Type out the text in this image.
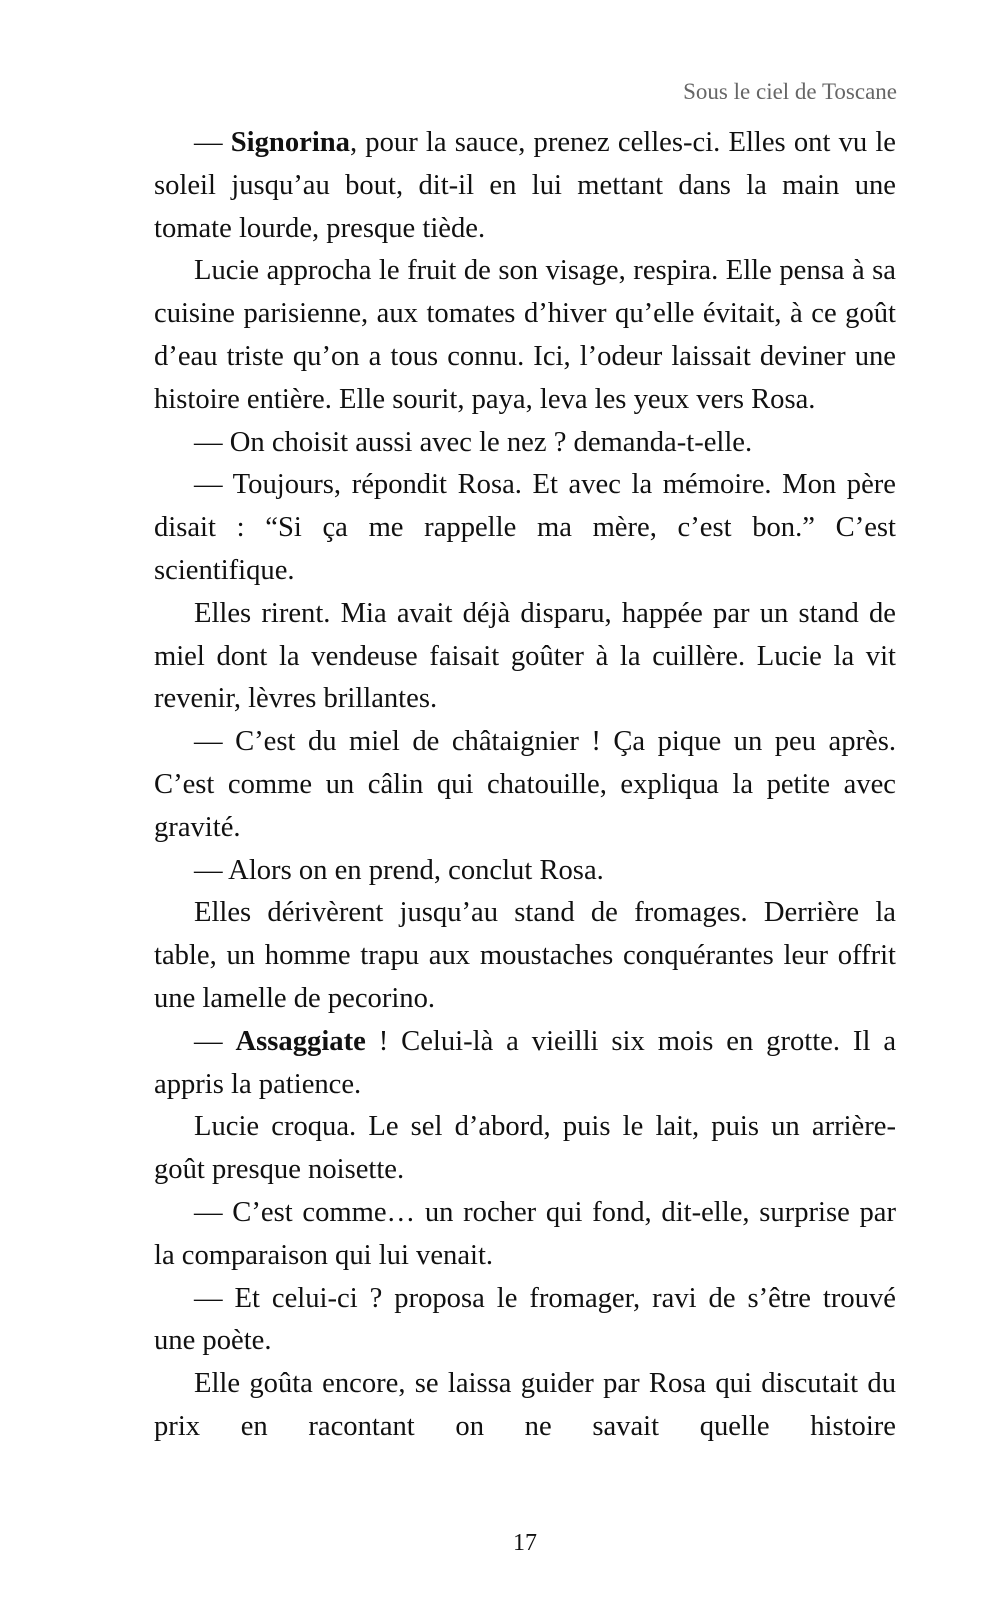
Sous le ciel de Toscane

— Signorina, pour la sauce, prenez celles-ci. Elles ont vu le soleil jusqu’au bout, dit-il en lui mettant dans la main une tomate lourde, presque tiède.

Lucie approcha le fruit de son visage, respira. Elle pensa à sa cuisine parisienne, aux tomates d’hiver qu’elle évitait, à ce goût d’eau triste qu’on a tous connu. Ici, l’odeur laissait deviner une histoire entière. Elle sourit, paya, leva les yeux vers Rosa.

— On choisit aussi avec le nez ? demanda-t-elle.

— Toujours, répondit Rosa. Et avec la mémoire. Mon père disait : “Si ça me rappelle ma mère, c’est bon.” C’est scientifique.

Elles rirent. Mia avait déjà disparu, happée par un stand de miel dont la vendeuse faisait goûter à la cuillère. Lucie la vit revenir, lèvres brillantes.

— C’est du miel de châtaignier ! Ça pique un peu après. C’est comme un câlin qui chatouille, expliqua la petite avec gravité.

— Alors on en prend, conclut Rosa.

Elles dérivèrent jusqu’au stand de fromages. Derrière la table, un homme trapu aux moustaches conquérantes leur offrit une lamelle de pecorino.

— Assaggiate ! Celui-là a vieilli six mois en grotte. Il a appris la patience.

Lucie croqua. Le sel d’abord, puis le lait, puis un arrière-goût presque noisette.

— C’est comme… un rocher qui fond, dit-elle, surprise par la comparaison qui lui venait.

— Et celui-ci ? proposa le fromager, ravi de s’être trouvé une poète.

Elle goûta encore, se laissa guider par Rosa qui discutait du prix en racontant on ne savait quelle histoire

17
